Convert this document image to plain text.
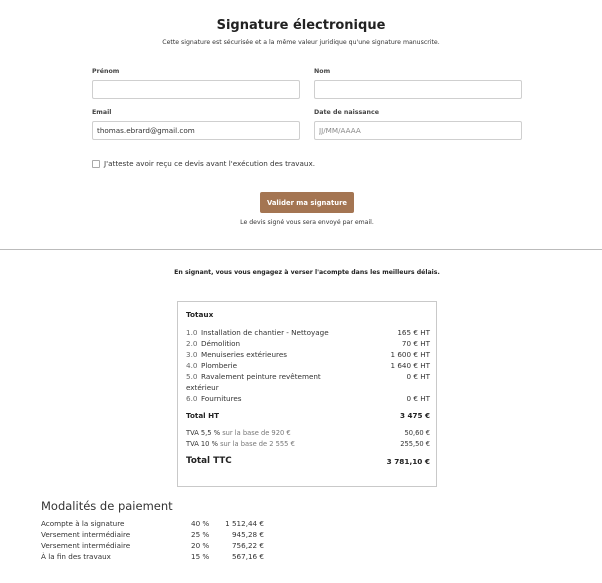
Signature électronique
Cette signature est sécurisée et a la même valeur juridique qu'une signature manuscrite.
Prénom	Nom
Email
thomas.ebrard@gmail.com	Date de naissance
JJ/MM/AAAA
J'atteste avoir reçu ce devis avant l'exécution des travaux.
Valider ma signature
Le devis signé vous sera envoyé par email.
En signant, vous vous engagez à verser l'acompte dans les meilleurs délais.
Totaux
1.0 Installation de chantier - Nettoyage	165 € HT
2.0 Démolition	70 € HT
3.0 Menuiseries extérieures	1 600 € HT
4.0 Plomberie	1 640 € HT
5.0 Ravalement peinture revêtement	0 € HT
extérieur
6.0 Fournitures	0 € HT
Total HT	3 475 €
TVA 5,5 % sur la base de 920 €	50,60 €
TVA 10 % sur la base de 2 555 €	255,50 €
Total TTC	3 781,10 €
Modalités de paiement
Acompte à la signature	40 % 1 512,44 €
Versement intermédiaire	25 %	945,28 €
Versement intermédiaire	20 %	756,22 €
À la fin des travaux	15 %	567,16 €
